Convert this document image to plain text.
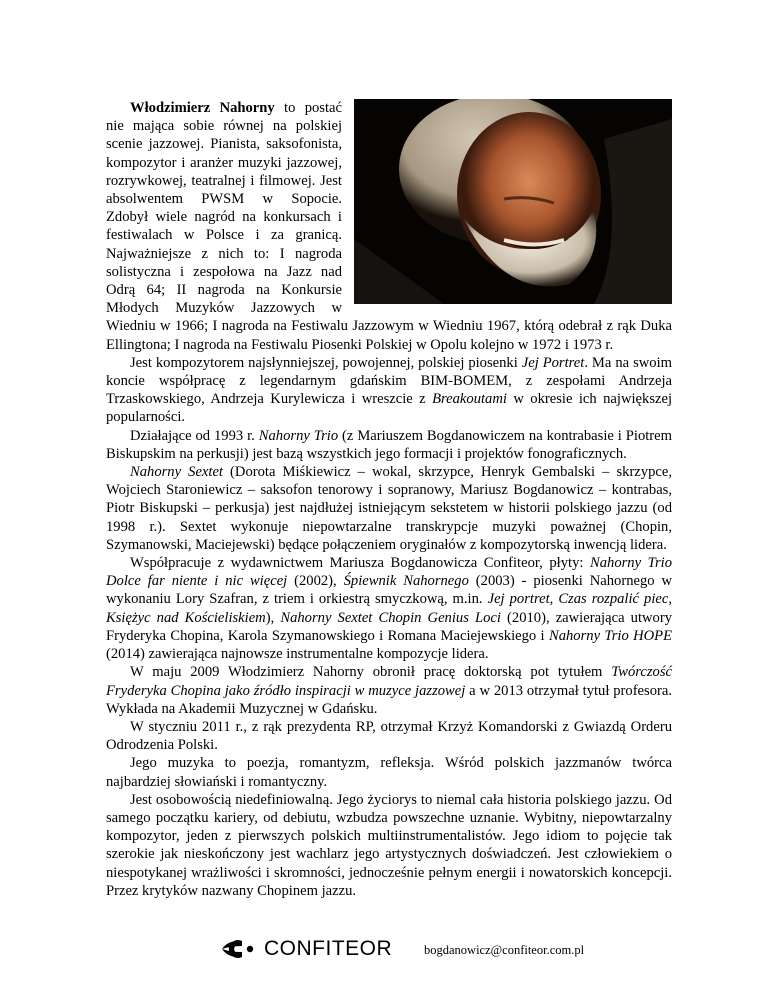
Włodzimierz Nahorny to postać nie mająca sobie równej na polskiej scenie jazzowej. Pianista, saksofonista, kompozytor i aranżer muzyki jazzowej, rozrywkowej, teatralnej i filmowej. Jest absolwentem PWSM w Sopocie. Zdobył wiele nagród na konkursach i festiwalach w Polsce i za granicą. Najważniejsze z nich to: I nagroda solistyczna i zespołowa na Jazz nad Odrą 64; II nagroda na Konkursie Młodych Muzyków Jazzowych w Wiedniu w 1966; I nagroda na Festiwalu Jazzowym w Wiedniu 1967, którą odebrał z rąk Duka Ellingtona; I nagroda na Festiwalu Piosenki Polskiej w Opolu kolejno w 1972 i 1973 r.

Jest kompozytorem najsłynniejszej, powojennej, polskiej piosenki Jej Portret. Ma na swoim koncie współpracę z legendarnym gdańskim BIM-BOMEM, z zespołami Andrzeja Trzaskowskiego, Andrzeja Kurylewicza i wreszcie z Breakoutami w okresie ich największej popularności.

Działające od 1993 r. Nahorny Trio (z Mariuszem Bogdanowiczem na kontrabasie i Piotrem Biskupskim na perkusji) jest bazą wszystkich jego formacji i projektów fonograficznych.

Nahorny Sextet (Dorota Miśkiewicz – wokal, skrzypce, Henryk Gembalski – skrzypce, Wojciech Staroniewicz – saksofon tenorowy i sopranowy, Mariusz Bogdanowicz – kontrabas, Piotr Biskupski – perkusja) jest najdłużej istniejącym sekstetem w historii polskiego jazzu (od 1998 r.). Sextet wykonuje niepowtarzalne transkrypcje muzyki poważnej (Chopin, Szymanowski, Maciejewski) będące połączeniem oryginałów z kompozytorską inwencją lidera.

Współpracuje z wydawnictwem Mariusza Bogdanowicza Confiteor, płyty: Nahorny Trio Dolce far niente i nic więcej (2002), Śpiewnik Nahornego (2003) - piosenki Nahornego w wykonaniu Lory Szafran, z triem i orkiestrą smyczkową, m.in. Jej portret, Czas rozpalić piec, Księżyc nad Kościeliskiem), Nahorny Sextet Chopin Genius Loci (2010), zawierająca utwory Fryderyka Chopina, Karola Szymanowskiego i Romana Maciejewskiego i Nahorny Trio HOPE (2014) zawierająca najnowsze instrumentalne kompozycje lidera.

W maju 2009 Włodzimierz Nahorny obronił pracę doktorską pot tytułem Twórczość Fryderyka Chopina jako źródło inspiracji w muzyce jazzowej a w 2013 otrzymał tytuł profesora. Wykłada na Akademii Muzycznej w Gdańsku.

W styczniu 2011 r., z rąk prezydenta RP, otrzymał Krzyż Komandorski z Gwiazdą Orderu Odrodzenia Polski.

Jego muzyka to poezja, romantyzm, refleksja. Wśród polskich jazzmanów twórca najbardziej słowiański i romantyczny.

Jest osobowością niedefiniowalną. Jego życiorys to niemal cała historia polskiego jazzu. Od samego początku kariery, od debiutu, wzbudza powszechne uznanie. Wybitny, niepowtarzalny kompozytor, jeden z pierwszych polskich multiinstrumentalistów. Jego idiom to pojęcie tak szerokie jak nieskończony jest wachlarz jego artystycznych doświadczeń. Jest człowiekiem o niespotykanej wrażliwości i skromności, jednocześnie pełnym energii i nowatorskich koncepcji. Przez krytyków nazwany Chopinem jazzu.

CONFITEOR	bogdanowicz@confiteor.com.pl
